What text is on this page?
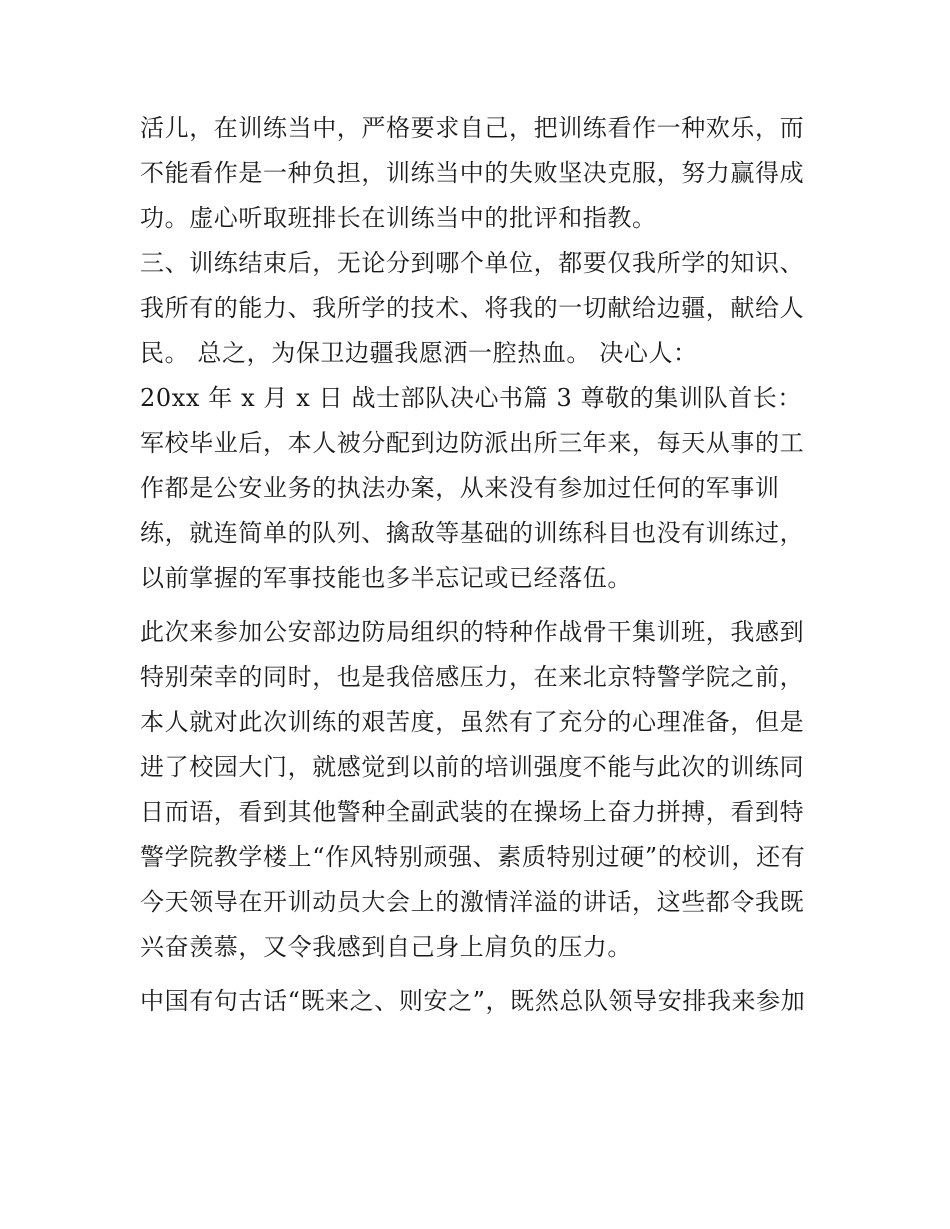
活儿，在训练当中，严格要求自己，把训练看作一种欢乐，而
不能看作是一种负担，训练当中的失败坚决克服，努力赢得成
功。虚心听取班排长在训练当中的批评和指教。
三、训练结束后，无论分到哪个单位，都要仅我所学的知识、
我所有的能力、我所学的技术、将我的一切献给边疆，献给人
民。 总之，为保卫边疆我愿洒一腔热血。 决心人：
20xx 年 x 月 x 日 战士部队决心书篇 3 尊敬的集训队首长：
军校毕业后，本人被分配到边防派出所三年来，每天从事的工
作都是公安业务的执法办案，从来没有参加过任何的军事训
练，就连简单的队列、擒敌等基础的训练科目也没有训练过，
以前掌握的军事技能也多半忘记或已经落伍。
此次来参加公安部边防局组织的特种作战骨干集训班，我感到
特别荣幸的同时，也是我倍感压力，在来北京特警学院之前，
本人就对此次训练的艰苦度，虽然有了充分的心理准备，但是
进了校园大门，就感觉到以前的培训强度不能与此次的训练同
日而语，看到其他警种全副武装的在操场上奋力拼搏，看到特
警学院教学楼上“作风特别顽强、素质特别过硬”的校训，还有
今天领导在开训动员大会上的激情洋溢的讲话，这些都令我既
兴奋羡慕，又令我感到自己身上肩负的压力。
中国有句古话“既来之、则安之”，既然总队领导安排我来参加
